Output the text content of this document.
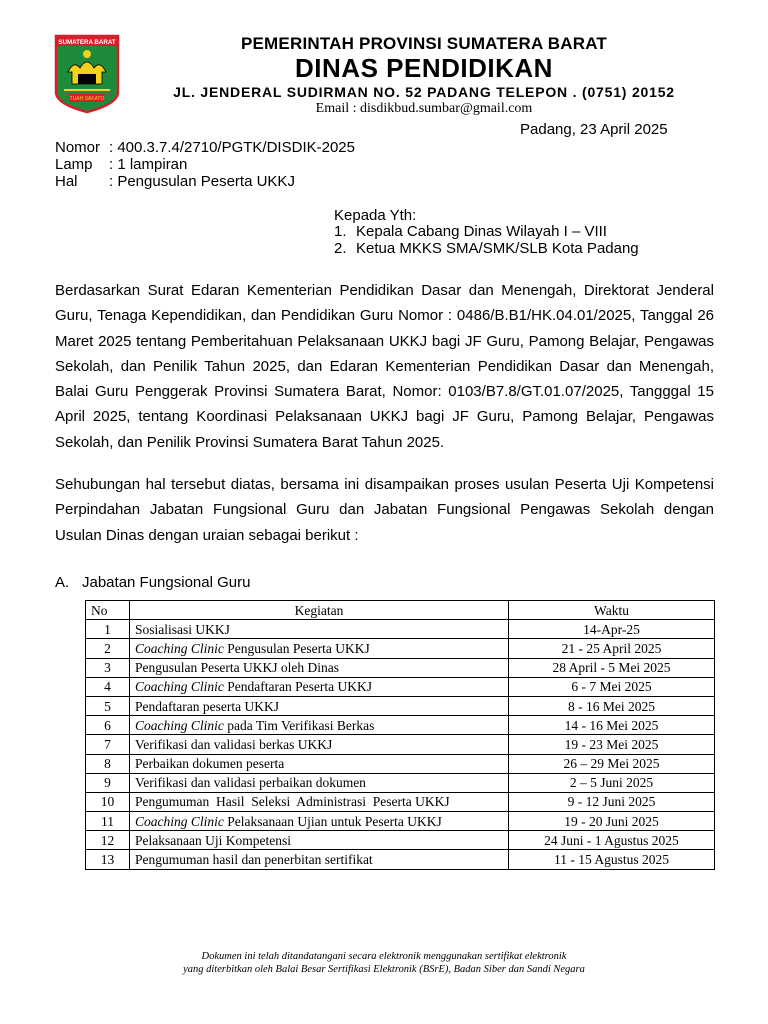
SUMATERA BARAT
TUAH SAKATO
PEMERINTAH PROVINSI SUMATERA BARAT
DINAS PENDIDIKAN
JL. JENDERAL SUDIRMAN NO. 52 PADANG TELEPON . (0751) 20152
Email : disdikbud.sumbar@gmail.com
Padang, 23 April 2025
Nomor : 400.3.7.4/2710/PGTK/DISDIK-2025
Lamp : 1 lampiran
Hal : Pengusulan Peserta UKKJ
Kepada Yth:
1. Kepala Cabang Dinas Wilayah I – VIII
2. Ketua MKKS SMA/SMK/SLB Kota Padang
Berdasarkan Surat Edaran Kementerian Pendidikan Dasar dan Menengah, Direktorat Jenderal Guru, Tenaga Kependidikan, dan Pendidikan Guru Nomor : 0486/B.B1/HK.04.01/2025, Tanggal 26 Maret 2025 tentang Pemberitahuan Pelaksanaan UKKJ bagi JF Guru, Pamong Belajar, Pengawas Sekolah, dan Penilik Tahun 2025, dan Edaran Kementerian Pendidikan Dasar dan Menengah, Balai Guru Penggerak Provinsi Sumatera Barat, Nomor: 0103/B7.8/GT.01.07/2025, Tangggal 15 April 2025, tentang Koordinasi Pelaksanaan UKKJ bagi JF Guru, Pamong Belajar, Pengawas Sekolah, dan Penilik Provinsi Sumatera Barat Tahun 2025.
Sehubungan hal tersebut diatas, bersama ini disampaikan proses usulan Peserta Uji Kompetensi Perpindahan Jabatan Fungsional Guru dan Jabatan Fungsional Pengawas Sekolah dengan Usulan Dinas dengan uraian sebagai berikut :
A. Jabatan Fungsional Guru
No	Kegiatan	Waktu
1	Sosialisasi UKKJ	14-Apr-25
2	Coaching Clinic Pengusulan Peserta UKKJ	21 - 25 April 2025
3	Pengusulan Peserta UKKJ oleh Dinas	28 April - 5 Mei 2025
4	Coaching Clinic Pendaftaran Peserta UKKJ	6 - 7 Mei 2025
5	Pendaftaran peserta UKKJ	8 - 16 Mei 2025
6	Coaching Clinic pada Tim Verifikasi Berkas	14 - 16 Mei 2025
7	Verifikasi dan validasi berkas UKKJ	19 - 23 Mei 2025
8	Perbaikan dokumen peserta	26 – 29 Mei 2025
9	Verifikasi dan validasi perbaikan dokumen	2 – 5 Juni 2025
10	Pengumuman  Hasil  Seleksi  Administrasi  Peserta UKKJ	9 - 12 Juni 2025
11	Coaching Clinic Pelaksanaan Ujian untuk Peserta UKKJ	19 - 20 Juni 2025
12	Pelaksanaan Uji Kompetensi	24 Juni - 1 Agustus 2025
13	Pengumuman hasil dan penerbitan sertifikat	11 - 15 Agustus 2025
Dokumen ini telah ditandatangani secara elektronik menggunakan sertifikat elektronik
yang diterbitkan oleh Balai Besar Sertifikasi Elektronik (BSrE), Badan Siber dan Sandi Negara
